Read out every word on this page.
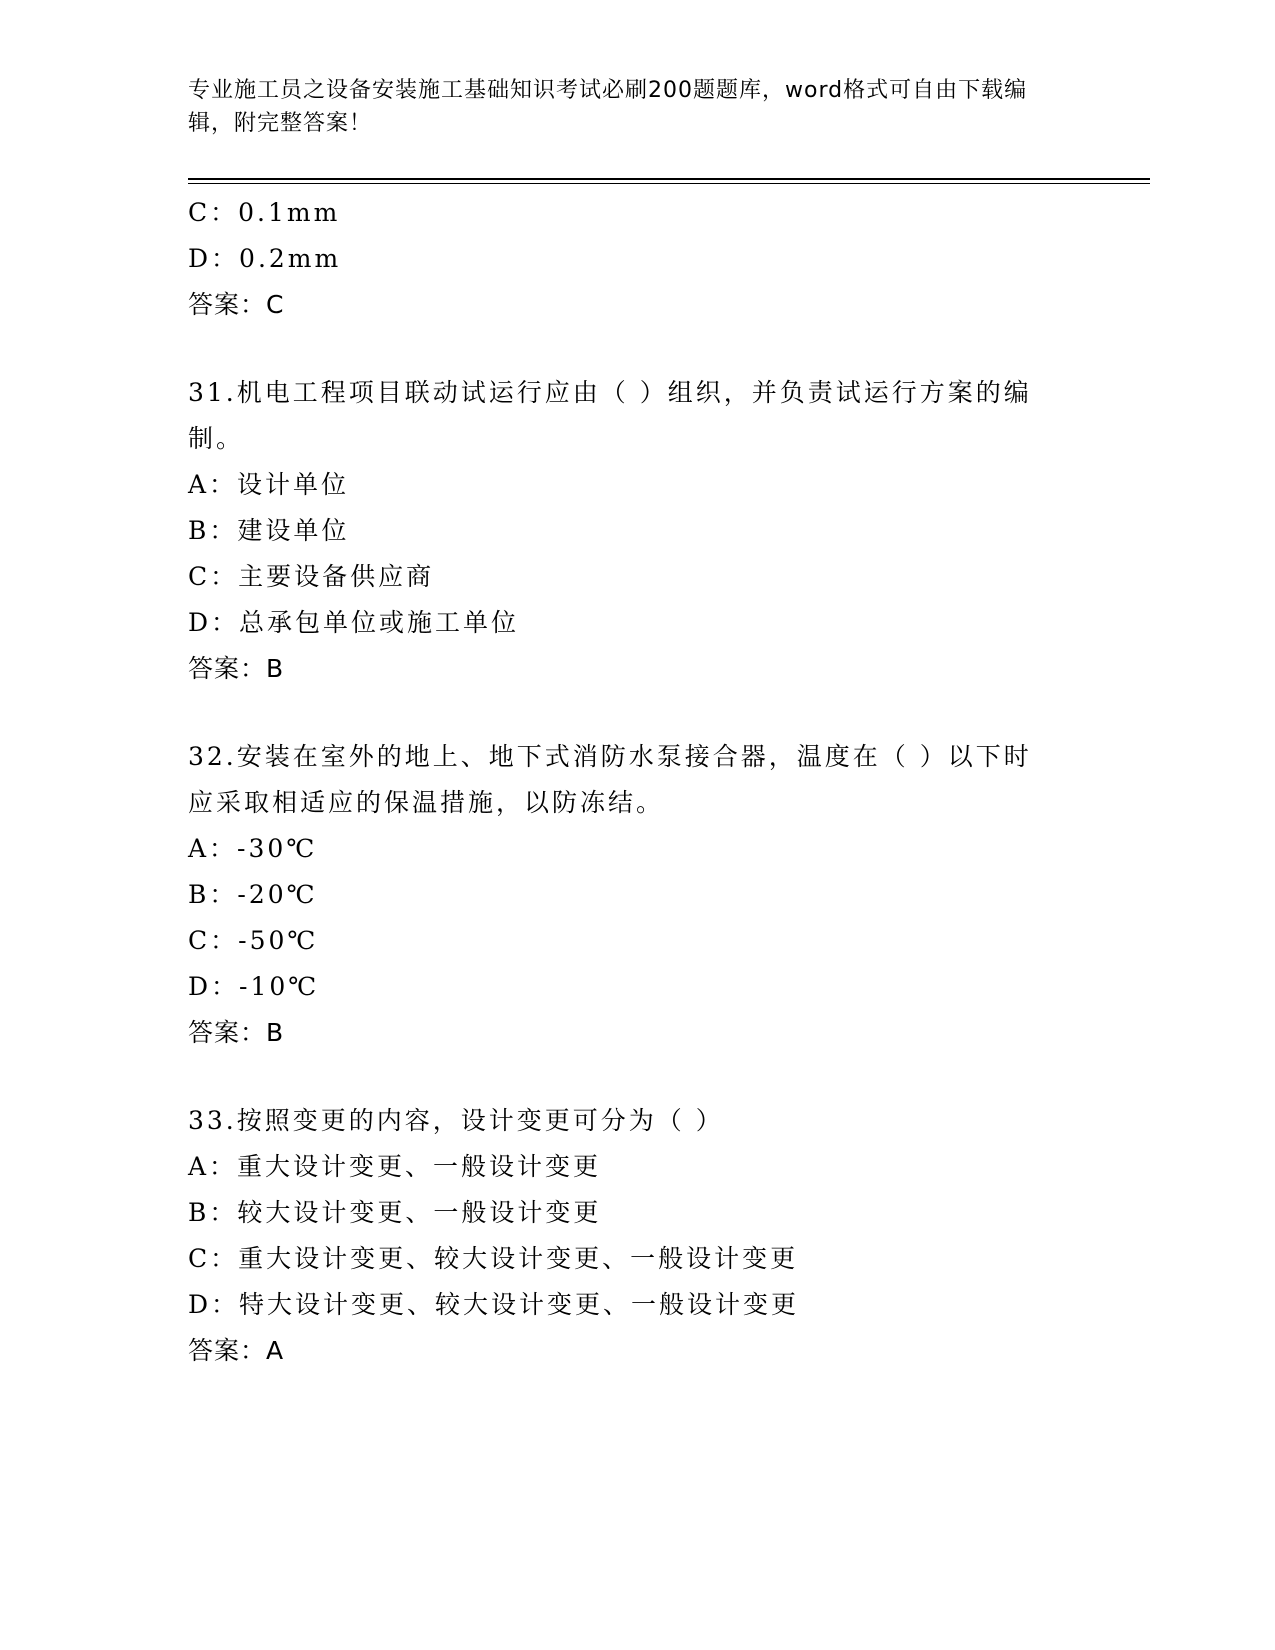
专业施工员之设备安装施工基础知识考试必刷200题题库，word格式可自由下载编辑，附完整答案！
C：0.1mm
D：0.2mm
答案：C
31.机电工程项目联动试运行应由（ ）组织，并负责试运行方案的编制。
A：设计单位
B：建设单位
C：主要设备供应商
D：总承包单位或施工单位
答案：B
32.安装在室外的地上、地下式消防水泵接合器，温度在（ ）以下时应采取相适应的保温措施，以防冻结。
A：-30℃
B：-20℃
C：-50℃
D：-10℃
答案：B
33.按照变更的内容，设计变更可分为（ ）
A：重大设计变更、一般设计变更
B：较大设计变更、一般设计变更
C：重大设计变更、较大设计变更、一般设计变更
D：特大设计变更、较大设计变更、一般设计变更
答案：A
